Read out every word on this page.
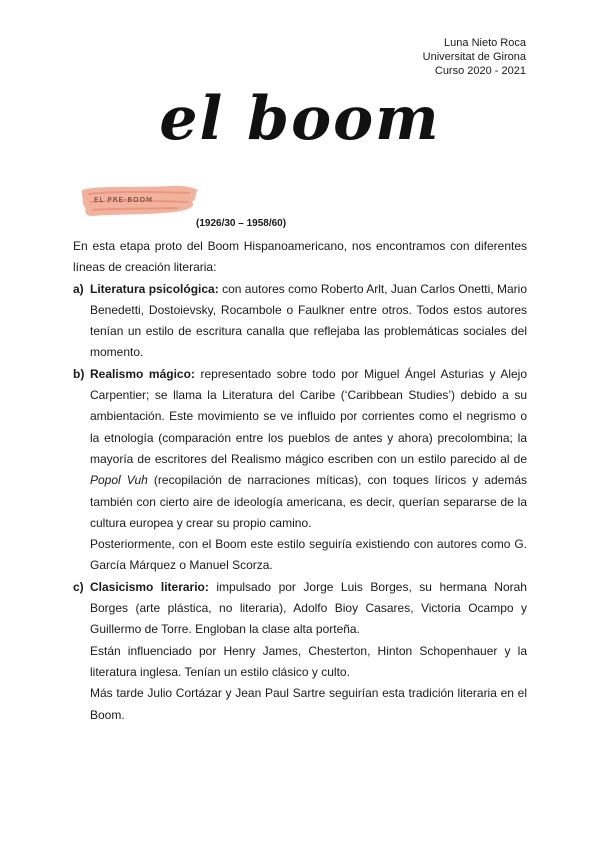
Luna Nieto Roca
Universitat de Girona
Curso 2020 - 2021
el boom
EL PRE-BOOM
(1926/30 – 1958/60)

En esta etapa proto del Boom Hispanoamericano, nos encontramos con diferentes líneas de creación literaria:

a) Literatura psicológica: con autores como Roberto Arlt, Juan Carlos Onetti, Mario Benedetti, Dostoievsky, Rocambole o Faulkner entre otros. Todos estos autores tenían un estilo de escritura canalla que reflejaba las problemáticas sociales del momento.

b) Realismo mágico: representado sobre todo por Miguel Ángel Asturias y Alejo Carpentier; se llama la Literatura del Caribe (‘Caribbean Studies’) debido a su ambientación. Este movimiento se ve influido por corrientes como el negrismo o la etnología (comparación entre los pueblos de antes y ahora) precolombina; la mayoría de escritores del Realismo mágico escriben con un estilo parecido al de Popol Vuh (recopilación de narraciones míticas), con toques líricos y además también con cierto aire de ideología americana, es decir, querían separarse de la cultura europea y crear su propio camino.

Posteriormente, con el Boom este estilo seguiría existiendo con autores como G. García Márquez o Manuel Scorza.

c) Clasicismo literario: impulsado por Jorge Luis Borges, su hermana Norah Borges (arte plástica, no literaria), Adolfo Bioy Casares, Victoria Ocampo y Guillermo de Torre. Engloban la clase alta porteña.

Están influenciado por Henry James, Chesterton, Hinton Schopenhauer y la literatura inglesa. Tenían un estilo clásico y culto.

Más tarde Julio Cortázar y Jean Paul Sartre seguirían esta tradición literaria en el Boom.
